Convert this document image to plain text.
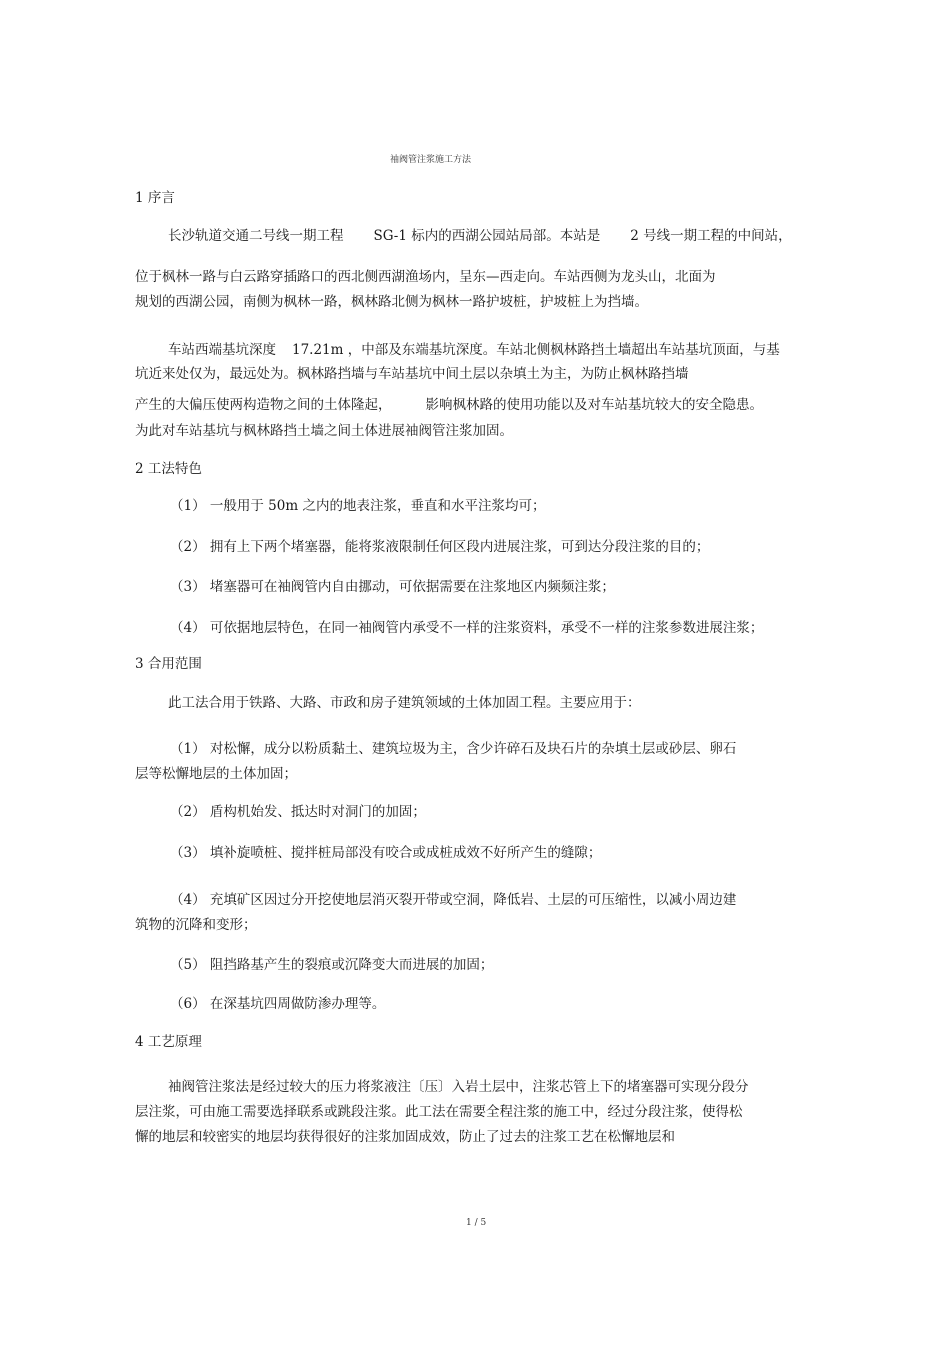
袖阀管注浆施工方法
1 序言
长沙轨道交通二号线一期工程 SG-1 标内的西湖公园站局部。本站是 2 号线一期工程的中间站，
位于枫林一路与白云路穿插路口的西北侧西湖渔场内，呈东—西走向。车站西侧为龙头山，北面为
规划的西湖公园，南侧为枫林一路，枫林路北侧为枫林一路护坡桩，护坡桩上为挡墙。
车站西端基坑深度 17.21m ，中部及东端基坑深度。车站北侧枫林路挡土墙超出车站基坑顶面，与基
坑近来处仅为，最远处为。枫林路挡墙与车站基坑中间土层以杂填土为主，为防止枫林路挡墙
产生的大偏压使两构造物之间的土体隆起，	影响枫林路的使用功能以及对车站基坑较大的安全隐患。
为此对车站基坑与枫林路挡土墙之间土体进展袖阀管注浆加固。
2 工法特色
（1） 一般用于 50m 之内的地表注浆，垂直和水平注浆均可；
（2） 拥有上下两个堵塞器，能将浆液限制任何区段内进展注浆，可到达分段注浆的目的；
（3） 堵塞器可在袖阀管内自由挪动，可依据需要在注浆地区内频频注浆；
（4） 可依据地层特色，在同一袖阀管内承受不一样的注浆资料，承受不一样的注浆参数进展注浆；
3 合用范围
此工法合用于铁路、大路、市政和房子建筑领域的土体加固工程。主要应用于：
（1） 对松懈，成分以粉质黏土、建筑垃圾为主，含少许碎石及块石片的杂填土层或砂层、卵石
层等松懈地层的土体加固；
（2） 盾构机始发、抵达时对洞门的加固；
（3） 填补旋喷桩、搅拌桩局部没有咬合或成桩成效不好所产生的缝隙；
（4） 充填矿区因过分开挖使地层消灭裂开带或空洞，降低岩、土层的可压缩性，以减小周边建
筑物的沉降和变形；
（5） 阻挡路基产生的裂痕或沉降变大而进展的加固；
（6） 在深基坑四周做防渗办理等。
4 工艺原理
袖阀管注浆法是经过较大的压力将浆液注〔压〕入岩土层中，注浆芯管上下的堵塞器可实现分段分
层注浆，可由施工需要选择联系或跳段注浆。此工法在需要全程注浆的施工中，经过分段注浆，使得松
懈的地层和较密实的地层均获得很好的注浆加固成效，防止了过去的注浆工艺在松懈地层和
1 / 5
